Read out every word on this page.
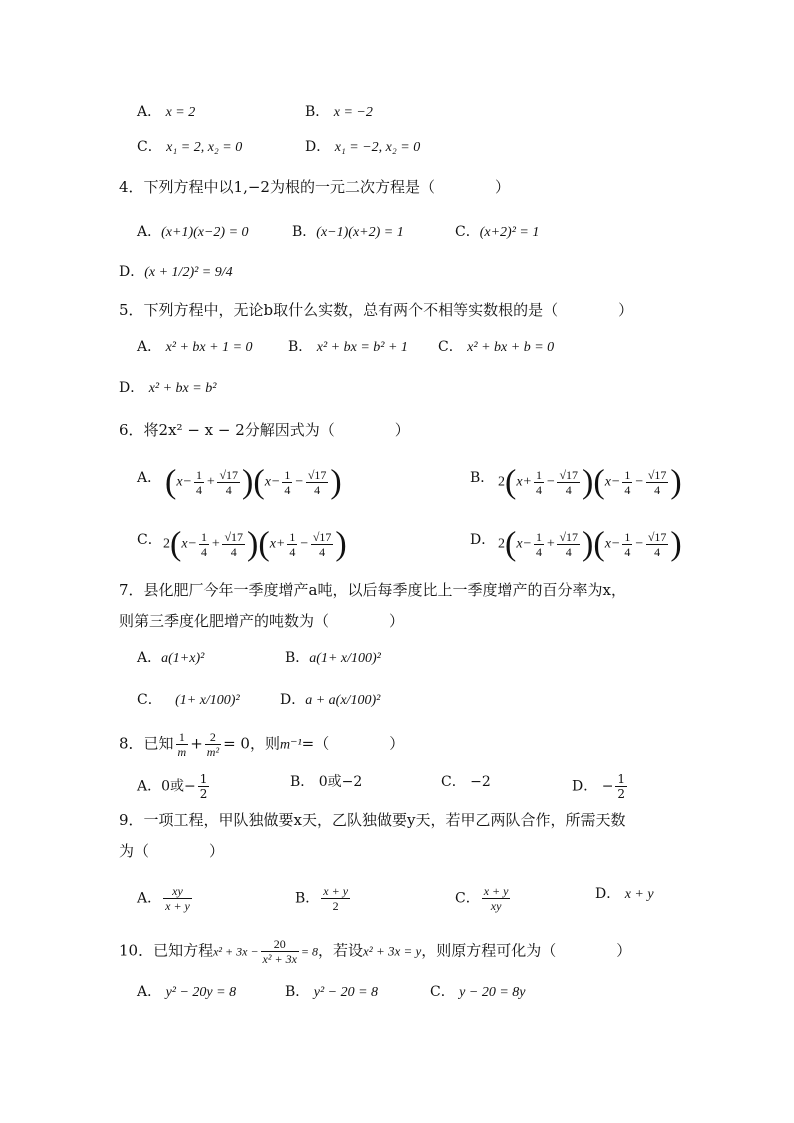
A． x = 2	B． x = −2
C． x₁ = 2, x₂ = 0	D． x₁ = −2, x₂ = 0
4．下列方程中以1,−2为根的一元二次方程是（　　　　）
A．(x+1)(x−2) = 0	B．(x−1)(x+2) = 1	C．(x+2)² = 1
D．(x + 1/2)² = 9/4
5．下列方程中，无论b取什么实数，总有两个不相等实数根的是（　　　　）
A． x² + bx + 1 = 0	B． x² + bx = b² + 1 C． x² + bx + b = 0
D． x² + bx = b²
6．将2x² − x − 2分解因式为（　　　　）
A． $(x- \frac{1}{4} + \frac{√17}{4} )(x- \frac{1}{4} - \frac{√17}{4}$ )	B． $2(x+ \frac{1}{4} - \frac{√17}{4} )(x- \frac{1}{4} - \frac{√17}{4}$ )
C． $2(x- \frac{1}{4} + \frac{√17}{4} )(x+ \frac{1}{4} - \frac{√17}{4}$ )	D． $2(x- \frac{1}{4} + \frac{√17}{4} )(x- \frac{1}{4} - \frac{√17}{4}$ )
7．县化肥厂今年一季度增产a吨，以后每季度比上一季度增产的百分率为x，
则第三季度化肥增产的吨数为（　　　　）
A．a(1+x)²	B．a(1+ x/100)²
C． (1+ x/100)²	D．a + a(x/100)²
8．已知 $\frac{1}{m} + \frac{2}{\text{m²}} = 0$，则m⁻¹=（　　　　）
A．0或− $\frac{1}{2}$	B． 0或−2	C． −2	D． − $\frac{1}{2}$
9．一项工程，甲队独做要x天，乙队独做要y天，若甲乙两队合作，所需天数
为（　　　　）
A． $\frac{xy}{x + y}$	B． $\frac{x + y}{2}$	C． $\frac{x + y}{xy}$	D． x + y
10．已知方程$x^2 + 3x - \frac{20}{\text{x² + 3x}} = 8$，若设x² + 3x = y，则原方程可化为（　　　　）
A． y² − 20y = 8	B． y² − 20 = 8	C． y − 20 = 8y
